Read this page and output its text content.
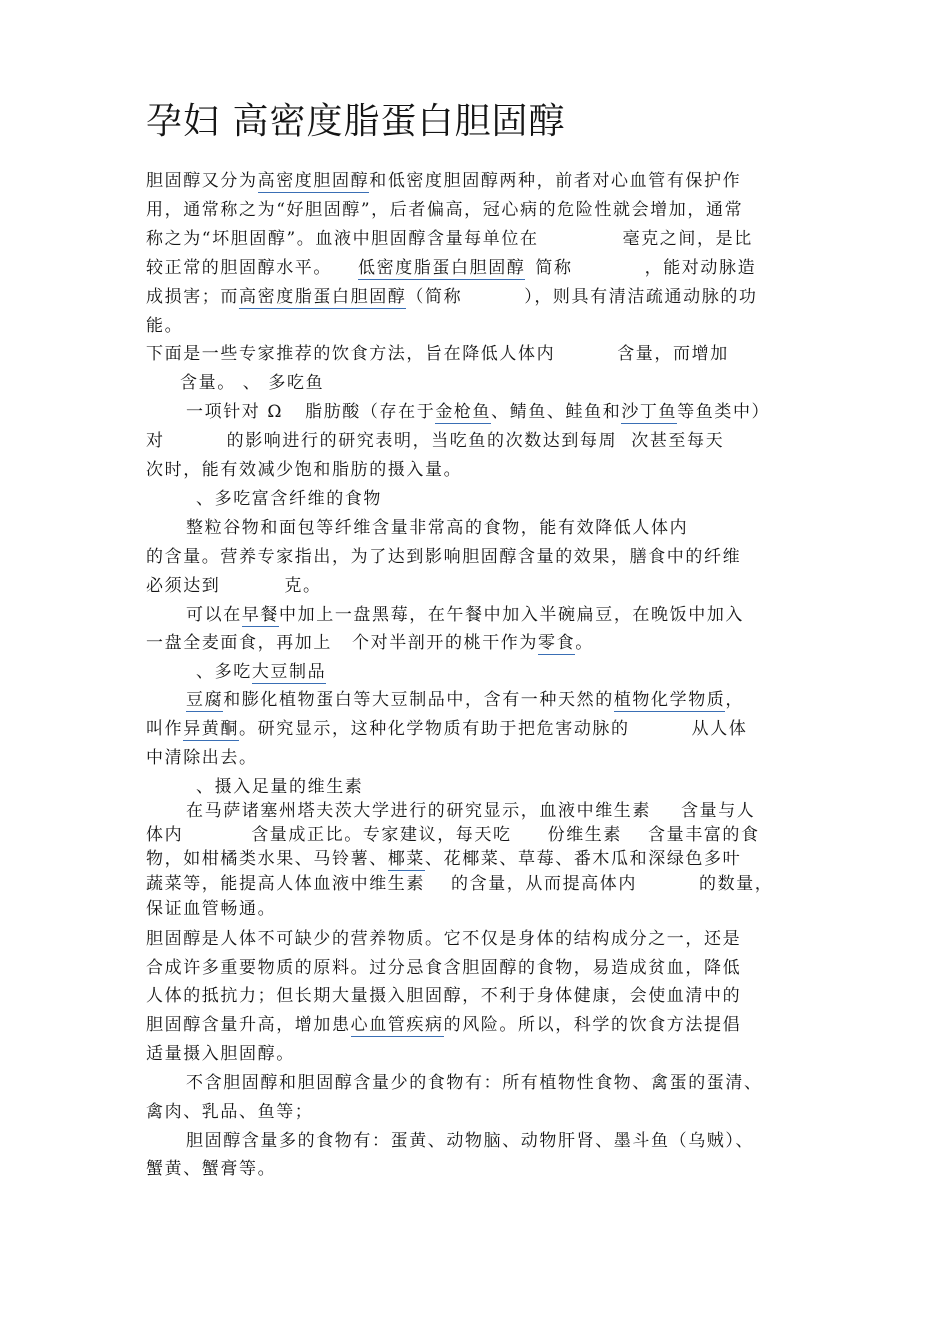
孕妇 高密度脂蛋白胆固醇
胆固醇又分为高密度胆固醇和低密度胆固醇两种，前者对心血管有保护作
用，通常称之为“好胆固醇”，后者偏高，冠心病的危险性就会增加，通常
称之为“坏胆固醇”。血液中胆固醇含量每单位在	毫克之间，是比
较正常的胆固醇水平。 低密度脂蛋白胆固醇 简称	，能对动脉造
成损害；而高密度脂蛋白胆固醇（简称	），则具有清洁疏通动脉的功
能。
下面是一些专家推荐的饮食方法，旨在降低人体内	含量，而增加
含量。 、 多吃鱼
一项针对 Ω 脂肪酸（存在于金枪鱼、鲭鱼、鲑鱼和沙丁鱼等鱼类中）
对	的影响进行的研究表明，当吃鱼的次数达到每周 次甚至每天
次时，能有效减少饱和脂肪的摄入量。
、多吃富含纤维的食物
整粒谷物和面包等纤维含量非常高的食物，能有效降低人体内
的含量。营养专家指出，为了达到影响胆固醇含量的效果，膳食中的纤维
必须达到	克。
可以在早餐中加上一盘黑莓，在午餐中加入半碗扁豆，在晚饭中加入
一盘全麦面食，再加上 个对半剖开的桃干作为零食。
、多吃大豆制品
豆腐和膨化植物蛋白等大豆制品中，含有一种天然的植物化学物质，
叫作异黄酮。研究显示，这种化学物质有助于把危害动脉的	从人体
中清除出去。
、摄入足量的维生素
在马萨诸塞州塔夫茨大学进行的研究显示，血液中维生素 含量与人
体内	含量成正比。专家建议，每天吃 份维生素 含量丰富的食
物，如柑橘类水果、马铃薯、椰菜、花椰菜、草莓、番木瓜和深绿色多叶
蔬菜等，能提高人体血液中维生素 的含量，从而提高体内	的数量，
保证血管畅通。
胆固醇是人体不可缺少的营养物质。它不仅是身体的结构成分之一，还是
合成许多重要物质的原料。过分忌食含胆固醇的食物，易造成贫血，降低
人体的抵抗力；但长期大量摄入胆固醇，不利于身体健康，会使血清中的
胆固醇含量升高，增加患心血管疾病的风险。所以，科学的饮食方法提倡
适量摄入胆固醇。
不含胆固醇和胆固醇含量少的食物有：所有植物性食物、禽蛋的蛋清、
禽肉、乳品、鱼等；
胆固醇含量多的食物有：蛋黄、动物脑、动物肝肾、墨斗鱼（乌贼）、
蟹黄、蟹膏等。
